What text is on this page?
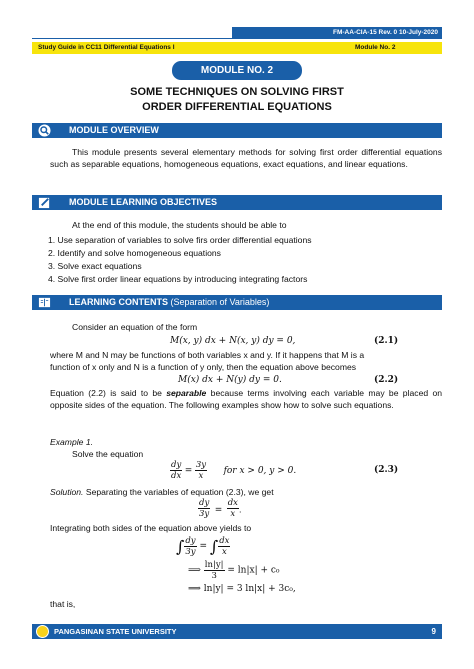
FM-AA-CIA-15 Rev. 0 10-July-2020
Study Guide in CC11 Differential Equations I	Module No. 2
MODULE NO. 2
SOME TECHNIQUES ON SOLVING FIRST
ORDER DIFFERENTIAL EQUATIONS
MODULE OVERVIEW
This module presents several elementary methods for solving first order differential equations such as separable equations, homogeneous equations, exact equations, and linear equations.
MODULE LEARNING OBJECTIVES
At the end of this module, the students should be able to
1. Use separation of variables to solve firs order differential equations
2. Identify and solve homogeneous equations
3. Solve exact equations
4. Solve first order linear equations by introducing integrating factors
LEARNING CONTENTS (Separation of Variables)
Consider an equation of the form
M(x, y) dx + N(x, y) dy = 0,	(2.1)
where M and N may be functions of both variables x and y. If it happens that M is a
function of x only and N is a function of y only, then the equation above becomes
M(x) dx + N(y) dy = 0.	(2.2)
Equation (2.2) is said to be separable because terms involving each variable may be placed on opposite sides of the equation. The following examples show how to solve such equations.
Example 1.
Solve the equation
$\frac{dy}{dx} = \frac{3y}{x}$ for x > 0, y > 0.	(2.3)
Solution. Separating the variables of equation (2.3), we get
$\frac{dy}{3y} = \frac{dx}{x}$ .
Integrating both sides of the equation above yields to
∫ $\frac{dy}{3y}$ = ∫ $\frac{dx}{x}$
⟹ $\frac{\ln|y|}{3} = \ln|x| + c_0$
⟹ ln|y| = 3 ln|x| + 3c₀,
that is,
PANGASINAN STATE UNIVERSITY	9
